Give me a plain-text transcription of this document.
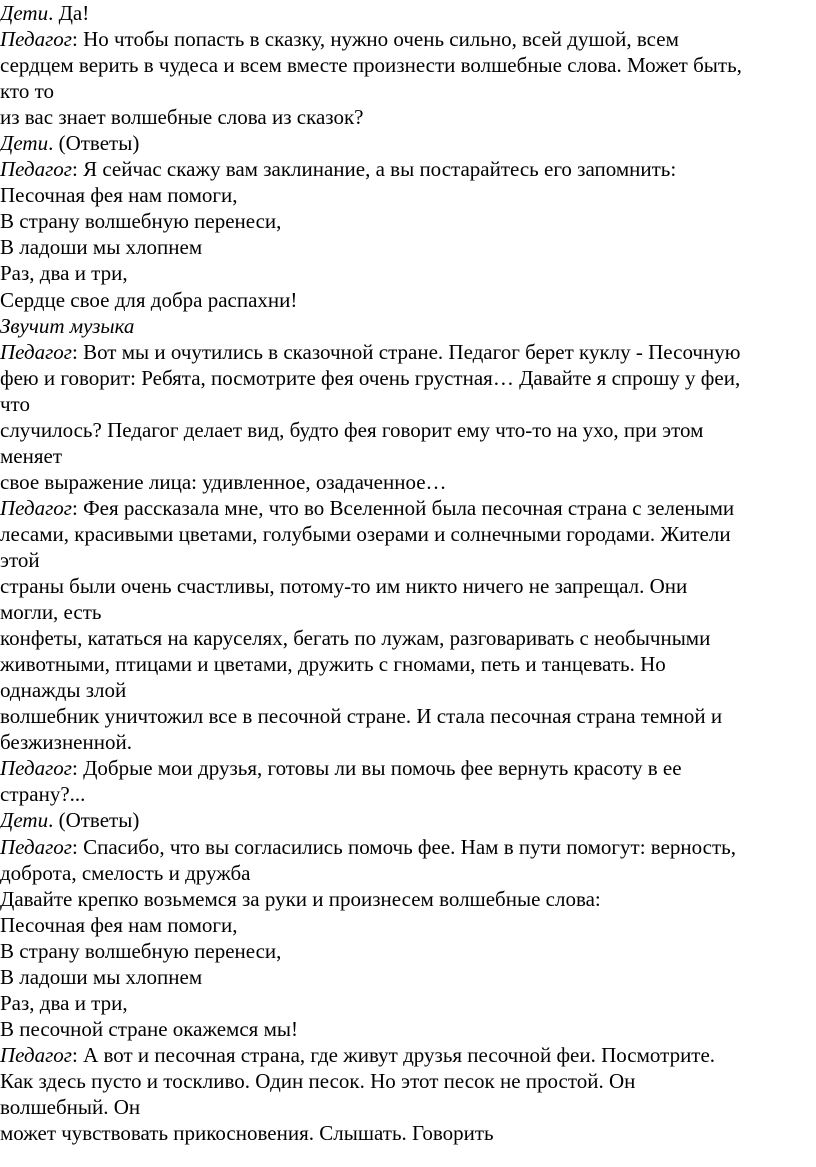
Дети. Да!
Педагог: Но чтобы попасть в сказку, нужно очень сильно, всей душой, всем
сердцем верить в чудеса и всем вместе произнести волшебные слова. Может быть,
кто то
из вас знает волшебные слова из сказок?
Дети. (Ответы)
Педагог: Я сейчас скажу вам заклинание, а вы постарайтесь его запомнить:
Песочная фея нам помоги,
В страну волшебную перенеси,
В ладоши мы хлопнем
Раз, два и три,
Сердце свое для добра распахни!
Звучит музыка
Педагог: Вот мы и очутились в сказочной стране. Педагог берет куклу - Песочную
фею и говорит: Ребята, посмотрите фея очень грустная… Давайте я спрошу у феи,
что
случилось? Педагог делает вид, будто фея говорит ему что-то на ухо, при этом
меняет
свое выражение лица: удивленное, озадаченное…
Педагог: Фея рассказала мне, что во Вселенной была песочная страна с зелеными
лесами, красивыми цветами, голубыми озерами и солнечными городами. Жители
этой
страны были очень счастливы, потому-то им никто ничего не запрещал. Они
могли, есть
конфеты, кататься на каруселях, бегать по лужам, разговаривать с необычными
животными, птицами и цветами, дружить с гномами, петь и танцевать. Но
однажды злой
волшебник уничтожил все в песочной стране. И стала песочная страна темной и
безжизненной.
Педагог: Добрые мои друзья, готовы ли вы помочь фее вернуть красоту в ее
страну?...
Дети. (Ответы)
Педагог: Спасибо, что вы согласились помочь фее. Нам в пути помогут: верность,
доброта, смелость и дружба
Давайте крепко возьмемся за руки и произнесем волшебные слова:
Песочная фея нам помоги,
В страну волшебную перенеси,
В ладоши мы хлопнем
Раз, два и три,
В песочной стране окажемся мы!
Педагог: А вот и песочная страна, где живут друзья песочной феи. Посмотрите.
Как здесь пусто и тоскливо. Один песок. Но этот песок не простой. Он
волшебный. Он
может чувствовать прикосновения. Слышать. Говорить
